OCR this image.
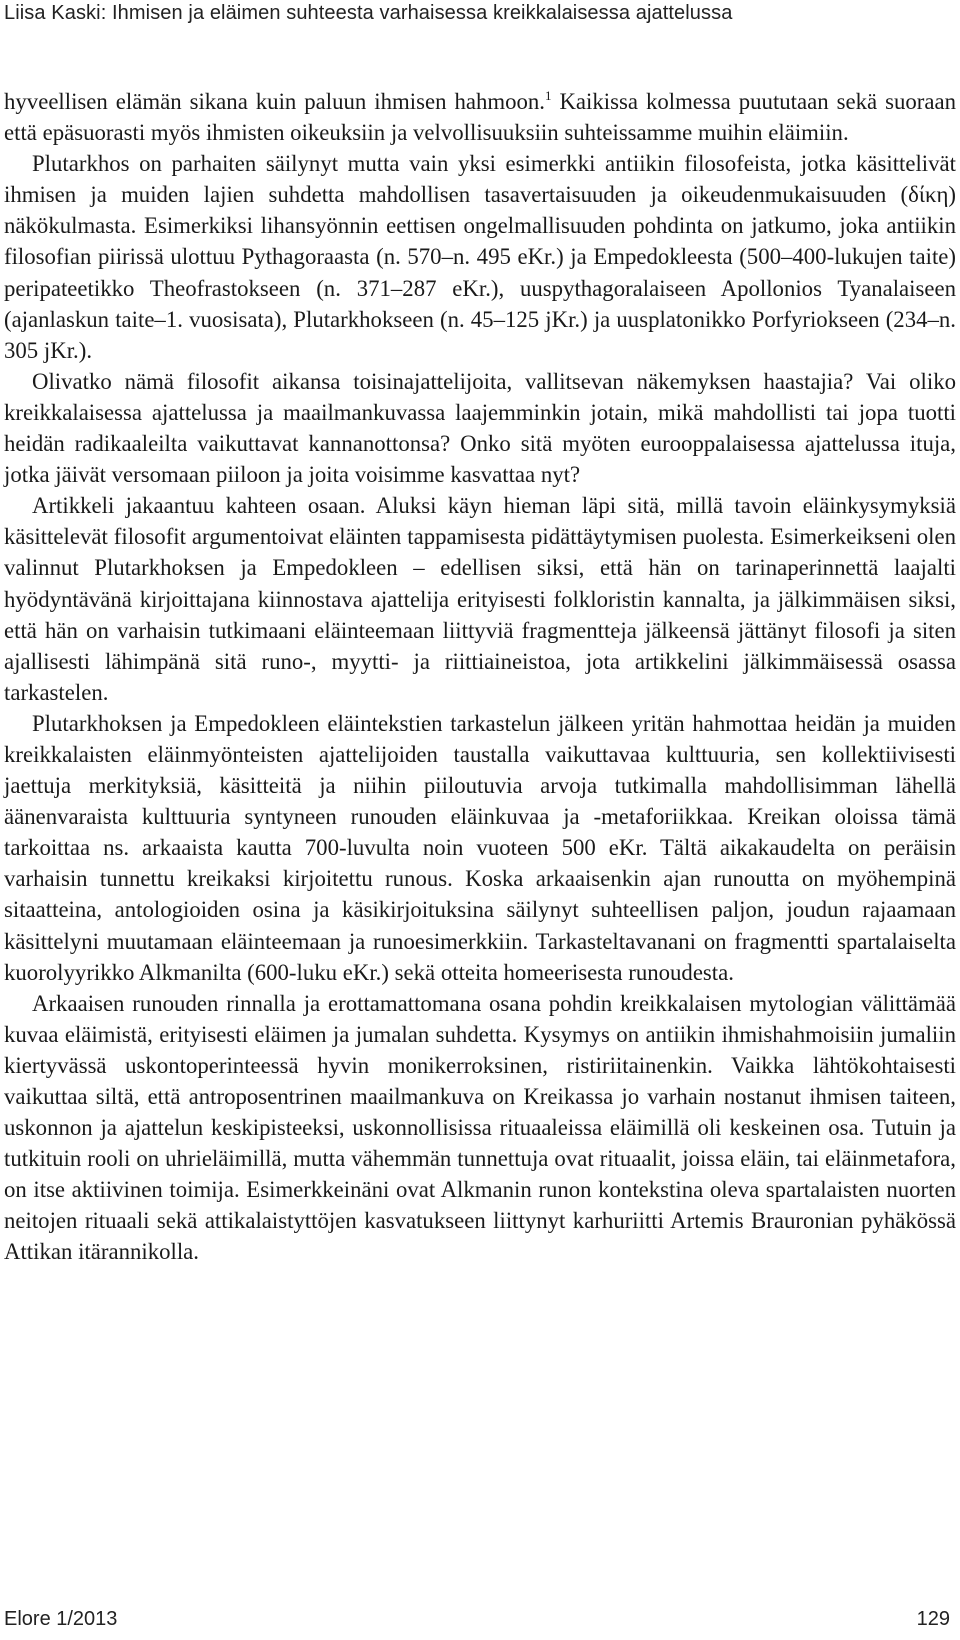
Liisa Kaski: Ihmisen ja eläimen suhteesta varhaisessa kreikkalaisessa ajattelussa

hyveellisen elämän sikana kuin paluun ihmisen hahmoon.$^1$ Kaikissa kolmessa puututaan sekä suoraan että epäsuorasti myös ihmisten oikeuksiin ja velvollisuuksiin suhteissamme muihin eläimiin.

Plutarkhos on parhaiten säilynyt mutta vain yksi esimerkki antiikin filosofeista, jotka käsittelivät ihmisen ja muiden lajien suhdetta mahdollisen tasavertaisuuden ja oikeudenmukaisuuden (δίκη) näkökulmasta. Esimerkiksi lihansyönnin eettisen ongelmallisuuden pohdinta on jatkumo, joka antiikin filosofian piirissä ulottuu Pythagoraasta (n. 570–n. 495 eKr.) ja Empedokleesta (500–400-lukujen taite) peripateetikko Theofrastokseen (n. 371–287 eKr.), uuspythagoralaiseen Apollonios Tyanalaiseen (ajanlaskun taite–1. vuosisata), Plutarkhokseen (n. 45–125 jKr.) ja uusplatonikko Porfyriokseen (234–n. 305 jKr.).

Olivatko nämä filosofit aikansa toisinajattelijoita, vallitsevan näkemyksen haastajia? Vai oliko kreikkalaisessa ajattelussa ja maailmankuvassa laajemminkin jotain, mikä mahdollisti tai jopa tuotti heidän radikaaleilta vaikuttavat kannanottonsa? Onko sitä myöten eurooppalaisessa ajattelussa ituja, jotka jäivät versomaan piiloon ja joita voisimme kasvattaa nyt?

Artikkeli jakaantuu kahteen osaan. Aluksi käyn hieman läpi sitä, millä tavoin eläinkysymyksiä käsittelevät filosofit argumentoivat eläinten tappamisesta pidättäytymisen puolesta. Esimerkeikseni olen valinnut Plutarkhoksen ja Empedokleen – edellisen siksi, että hän on tarinaperinnettä laajalti hyödyntävänä kirjoittajana kiinnostava ajattelija erityisesti folkloristin kannalta, ja jälkimmäisen siksi, että hän on varhaisin tutkimaani eläinteemaan liittyviä fragmentteja jälkeensä jättänyt filosofi ja siten ajallisesti lähimpänä sitä runo-, myytti- ja riittiaineistoa, jota artikkelini jälkimmäisessä osassa tarkastelen.

Plutarkhoksen ja Empedokleen eläintekstien tarkastelun jälkeen yritän hahmottaa heidän ja muiden kreikkalaisten eläinmyönteisten ajattelijoiden taustalla vaikuttavaa kulttuuria, sen kollektiivisesti jaettuja merkityksiä, käsitteitä ja niihin piiloutuvia arvoja tutkimalla mahdollisimman lähellä äänenvaraista kulttuuria syntyneen runouden eläinkuvaa ja -metaforiikkaa. Kreikan oloissa tämä tarkoittaa ns. arkaaista kautta 700-luvulta noin vuoteen 500 eKr. Tältä aikakaudelta on peräisin varhaisin tunnettu kreikaksi kirjoitettu runous. Koska arkaaisenkin ajan runoutta on myöhempinä sitaatteina, antologioiden osina ja käsikirjoituksina säilynyt suhteellisen paljon, joudun rajaamaan käsittelyni muutamaan eläinteemaan ja runoesimerkkiin. Tarkasteltavanani on fragmentti spartalaiselta kuorolyyrikko Alkmanilta (600-luku eKr.) sekä otteita homeerisesta runoudesta.

Arkaaisen runouden rinnalla ja erottamattomana osana pohdin kreikkalaisen mytologian välittämää kuvaa eläimistä, erityisesti eläimen ja jumalan suhdetta. Kysymys on antiikin ihmishahmoisiin jumaliin kiertyvässä uskontoperinteessä hyvin monikerroksinen, ristiriitainenkin. Vaikka lähtökohtaisesti vaikuttaa siltä, että antroposentrinen maailmankuva on Kreikassa jo varhain nostanut ihmisen taiteen, uskonnon ja ajattelun keskipisteeksi, uskonnollisissa rituaaleissa eläimillä oli keskeinen osa. Tutuin ja tutkituin rooli on uhrieläimillä, mutta vähemmän tunnettuja ovat rituaalit, joissa eläin, tai eläinmetafora, on itse aktiivinen toimija. Esimerkkeinäni ovat Alkmanin runon kontekstina oleva spartalaisten nuorten neitojen rituaali sekä attikalaistyttöjen kasvatukseen liittynyt karhuriitti Artemis Brauronian pyhäkössä Attikan itärannikolla.

Elore 1/2013	129
